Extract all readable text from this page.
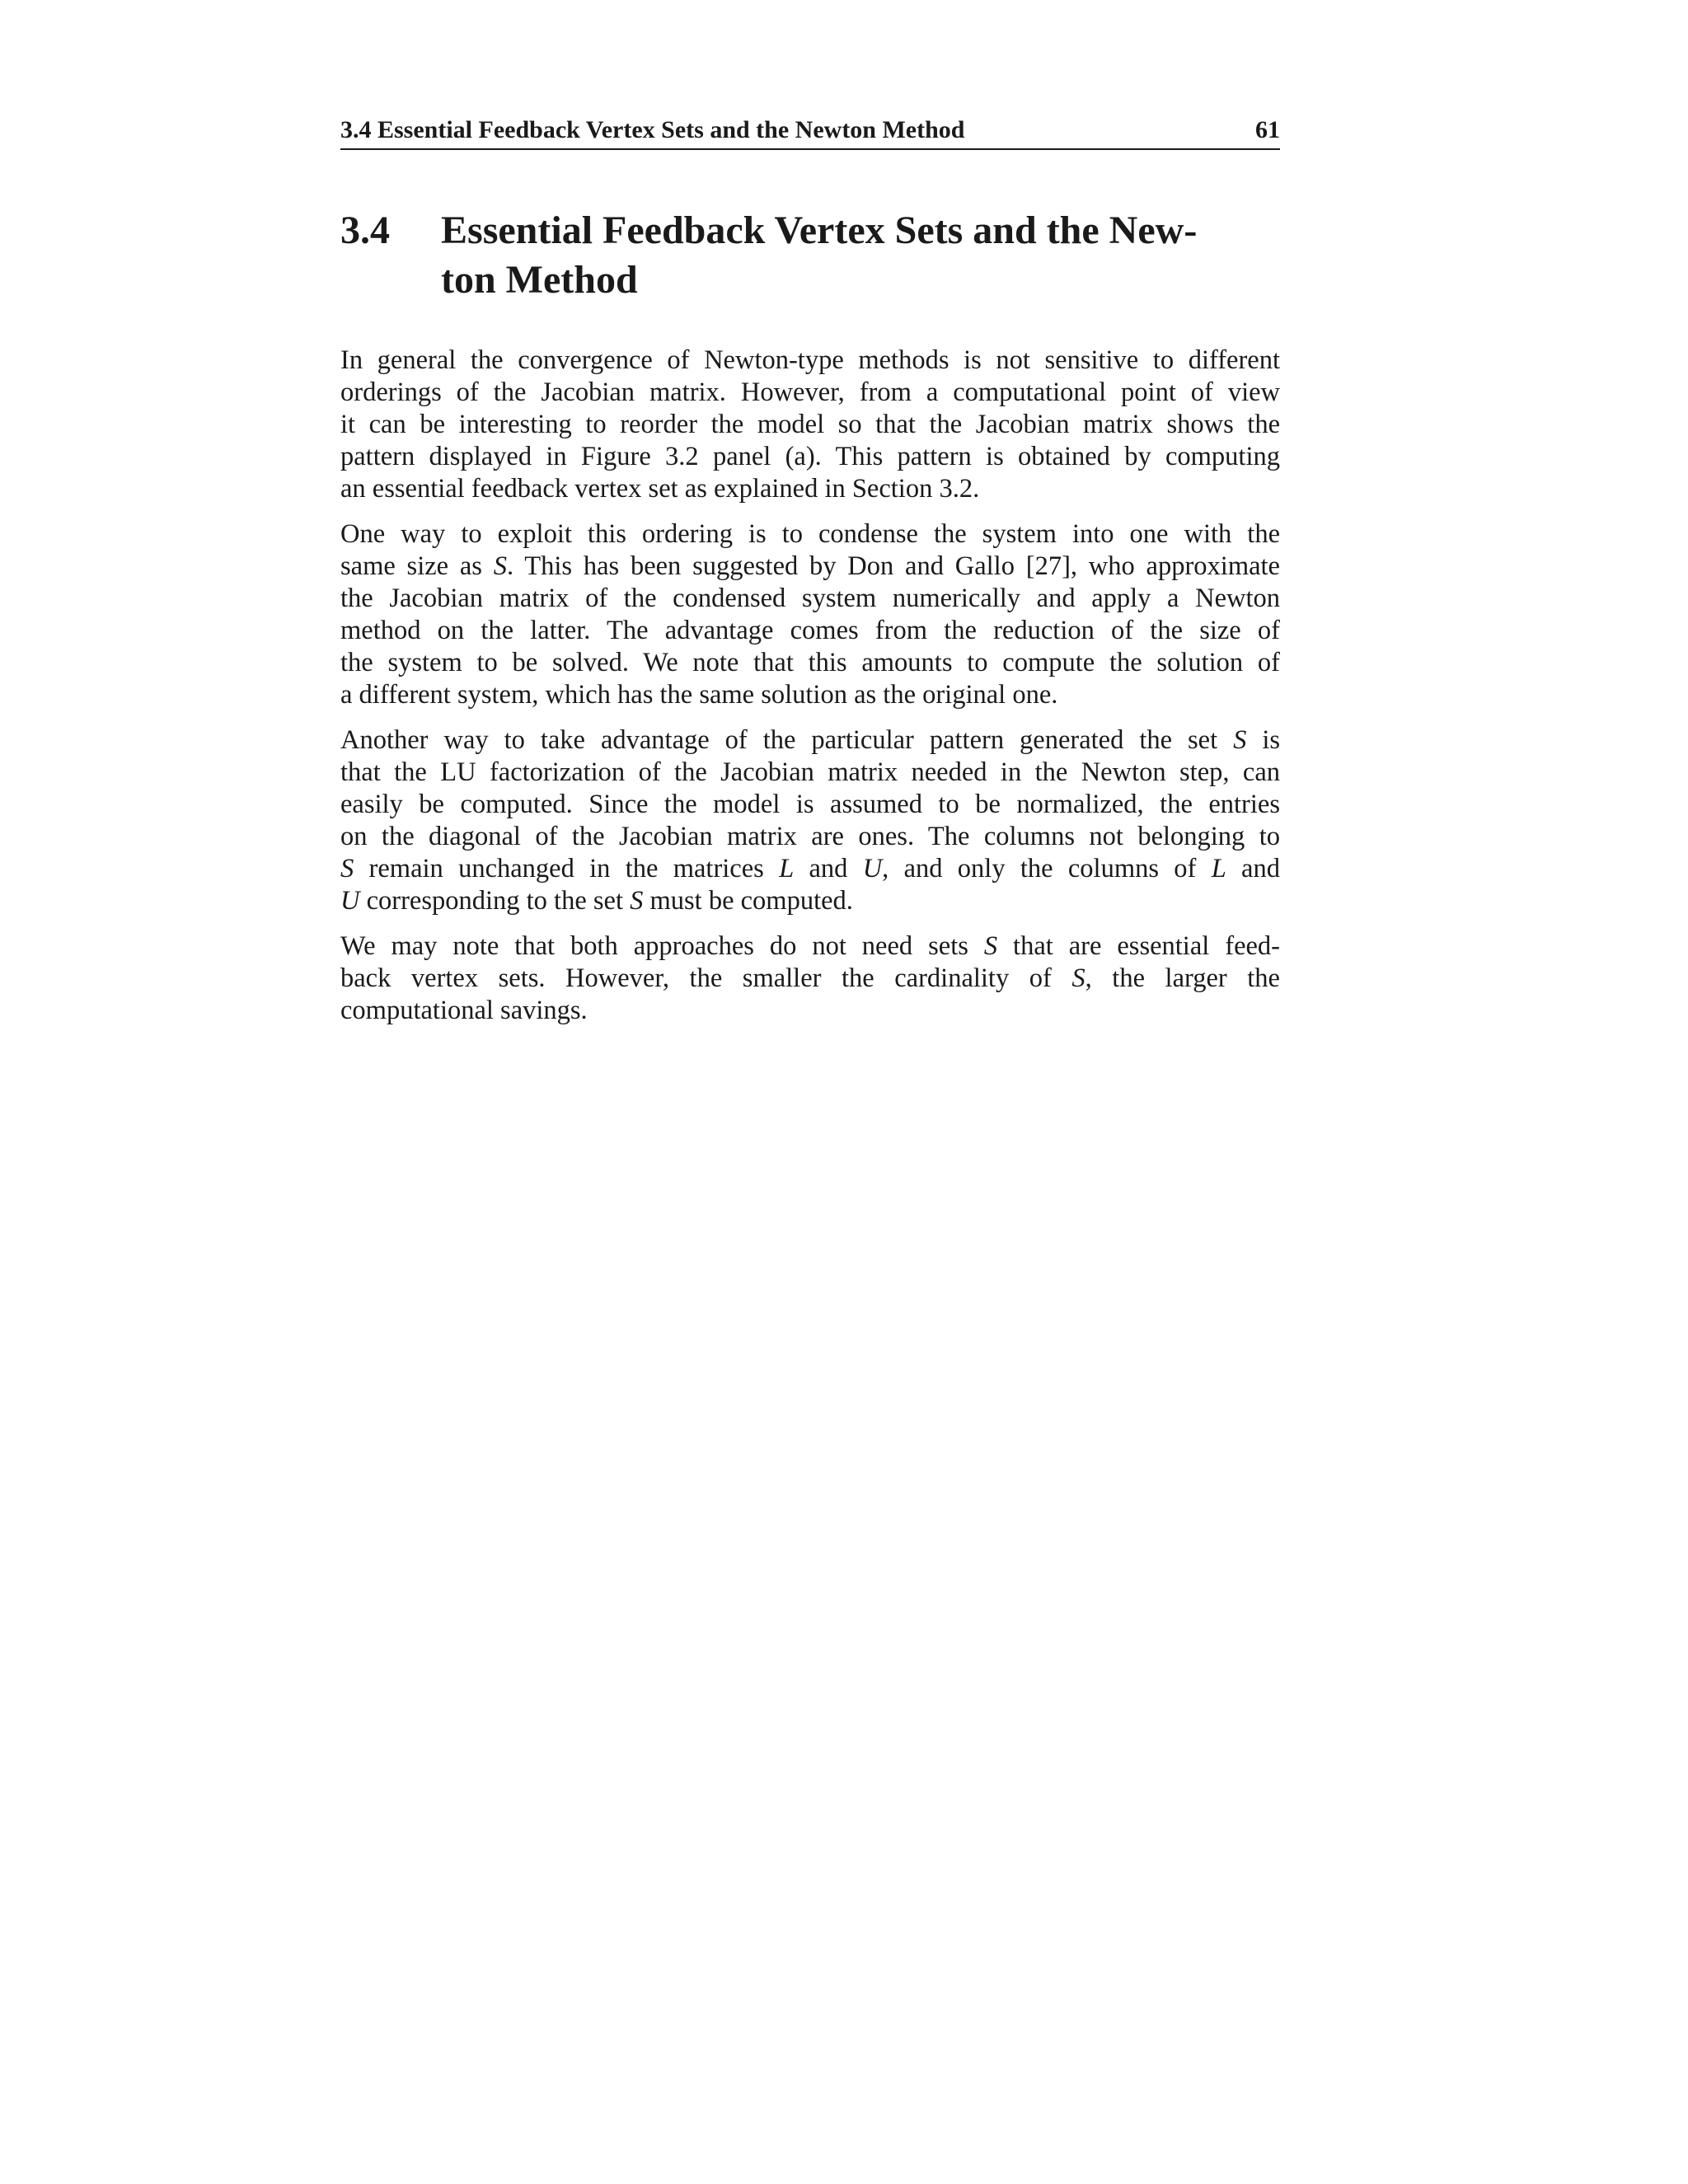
3.4 Essential Feedback Vertex Sets and the Newton Method	61
3.4	Essential Feedback Vertex Sets and the New-
ton Method
In general the convergence of Newton-type methods is not sensitive to different
orderings of the Jacobian matrix. However, from a computational point of view
it can be interesting to reorder the model so that the Jacobian matrix shows the
pattern displayed in Figure 3.2 panel (a). This pattern is obtained by computing
an essential feedback vertex set as explained in Section 3.2.
One way to exploit this ordering is to condense the system into one with the
same size as S. This has been suggested by Don and Gallo [27], who approximate
the Jacobian matrix of the condensed system numerically and apply a Newton
method on the latter. The advantage comes from the reduction of the size of
the system to be solved. We note that this amounts to compute the solution of
a different system, which has the same solution as the original one.
Another way to take advantage of the particular pattern generated the set S is
that the LU factorization of the Jacobian matrix needed in the Newton step, can
easily be computed. Since the model is assumed to be normalized, the entries
on the diagonal of the Jacobian matrix are ones. The columns not belonging to
S remain unchanged in the matrices L and U, and only the columns of L and
U corresponding to the set S must be computed.
We may note that both approaches do not need sets S that are essential feed-
back vertex sets. However, the smaller the cardinality of S, the larger the
computational savings.
